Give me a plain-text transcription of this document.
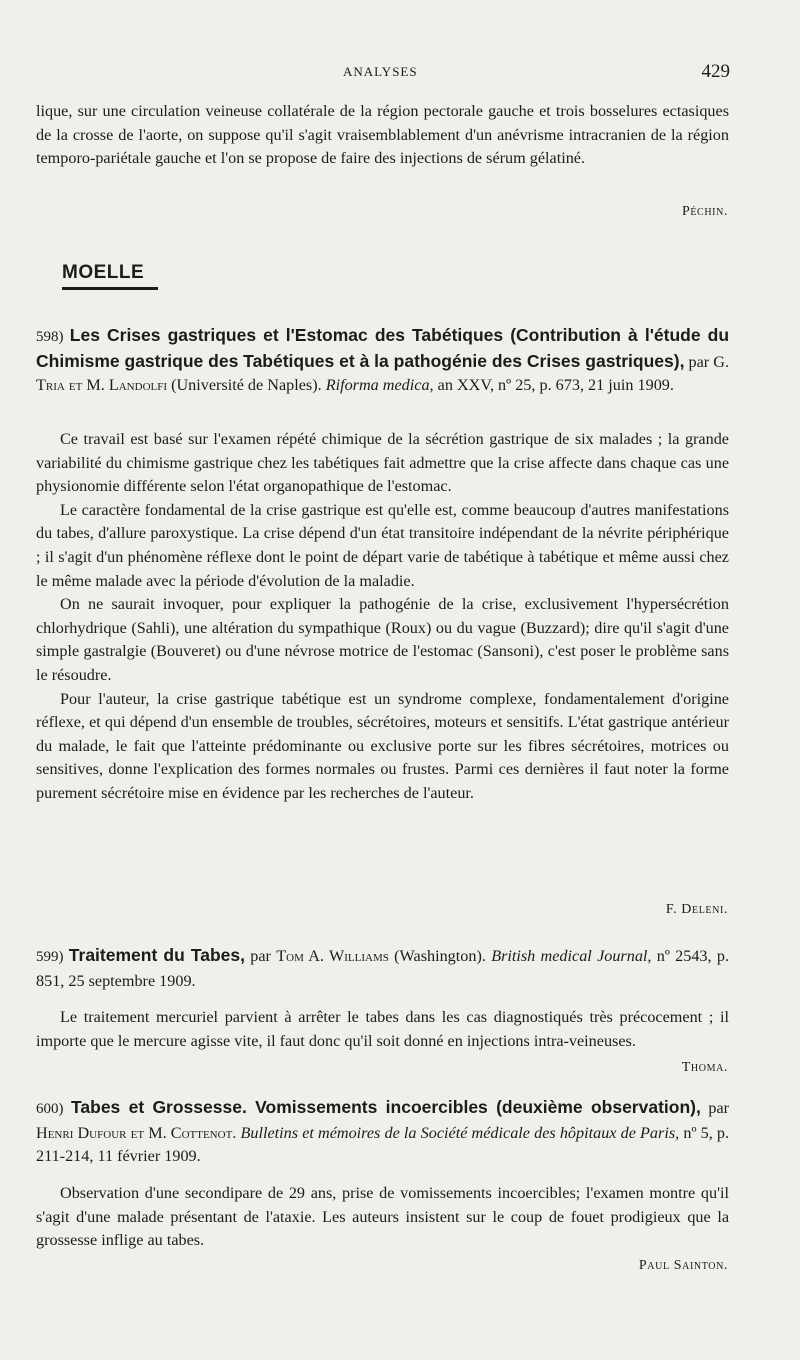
ANALYSES	429

lique, sur une circulation veineuse collatérale de la région pectorale gauche et trois bosselures ectasiques de la crosse de l'aorte, on suppose qu'il s'agit vraisemblablement d'un anévrisme intracranien de la région temporo-pariétale gauche et l'on se propose de faire des injections de sérum gélatiné.

Péchin.
MOELLE
598) Les Crises gastriques et l'Estomac des Tabétiques (Contribution à l'étude du Chimisme gastrique des Tabétiques et à la pathogénie des Crises gastriques), par G. Tria et M. Landolfi (Université de Naples). Riforma medica, an XXV, nº 25, p. 673, 21 juin 1909.

Ce travail est basé sur l'examen répété chimique de la sécrétion gastrique de six malades ; la grande variabilité du chimisme gastrique chez les tabétiques fait admettre que la crise affecte dans chaque cas une physionomie différente selon l'état organopathique de l'estomac.

Le caractère fondamental de la crise gastrique est qu'elle est, comme beaucoup d'autres manifestations du tabes, d'allure paroxystique. La crise dépend d'un état transitoire indépendant de la névrite périphérique ; il s'agit d'un phénomène réflexe dont le point de départ varie de tabétique à tabétique et même aussi chez le même malade avec la période d'évolution de la maladie.

On ne saurait invoquer, pour expliquer la pathogénie de la crise, exclusivement l'hypersécrétion chlorhydrique (Sahli), une altération du sympathique (Roux) ou du vague (Buzzard); dire qu'il s'agit d'une simple gastralgie (Bouveret) ou d'une névrose motrice de l'estomac (Sansoni), c'est poser le problème sans le résoudre.

Pour l'auteur, la crise gastrique tabétique est un syndrome complexe, fondamentalement d'origine réflexe, et qui dépend d'un ensemble de troubles, sécrétoires, moteurs et sensitifs. L'état gastrique antérieur du malade, le fait que l'atteinte prédominante ou exclusive porte sur les fibres sécrétoires, motrices ou sensitives, donne l'explication des formes normales ou frustes. Parmi ces dernières il faut noter la forme purement sécrétoire mise en évidence par les recherches de l'auteur.

F. Deleni.
599) Traitement du Tabes, par Tom A. Williams (Washington). British medical Journal, nº 2543, p. 851, 25 septembre 1909.

Le traitement mercuriel parvient à arrêter le tabes dans les cas diagnostiqués très précocement ; il importe que le mercure agisse vite, il faut donc qu'il soit donné en injections intra-veineuses.

Thoma.
600) Tabes et Grossesse. Vomissements incoercibles (deuxième observation), par Henri Dufour et M. Cottenot. Bulletins et mémoires de la Société médicale des hôpitaux de Paris, nº 5, p. 211-214, 11 février 1909.

Observation d'une secondipare de 29 ans, prise de vomissements incoercibles; l'examen montre qu'il s'agit d'une malade présentant de l'ataxie. Les auteurs insistent sur le coup de fouet prodigieux que la grossesse inflige au tabes.

Paul Sainton.
